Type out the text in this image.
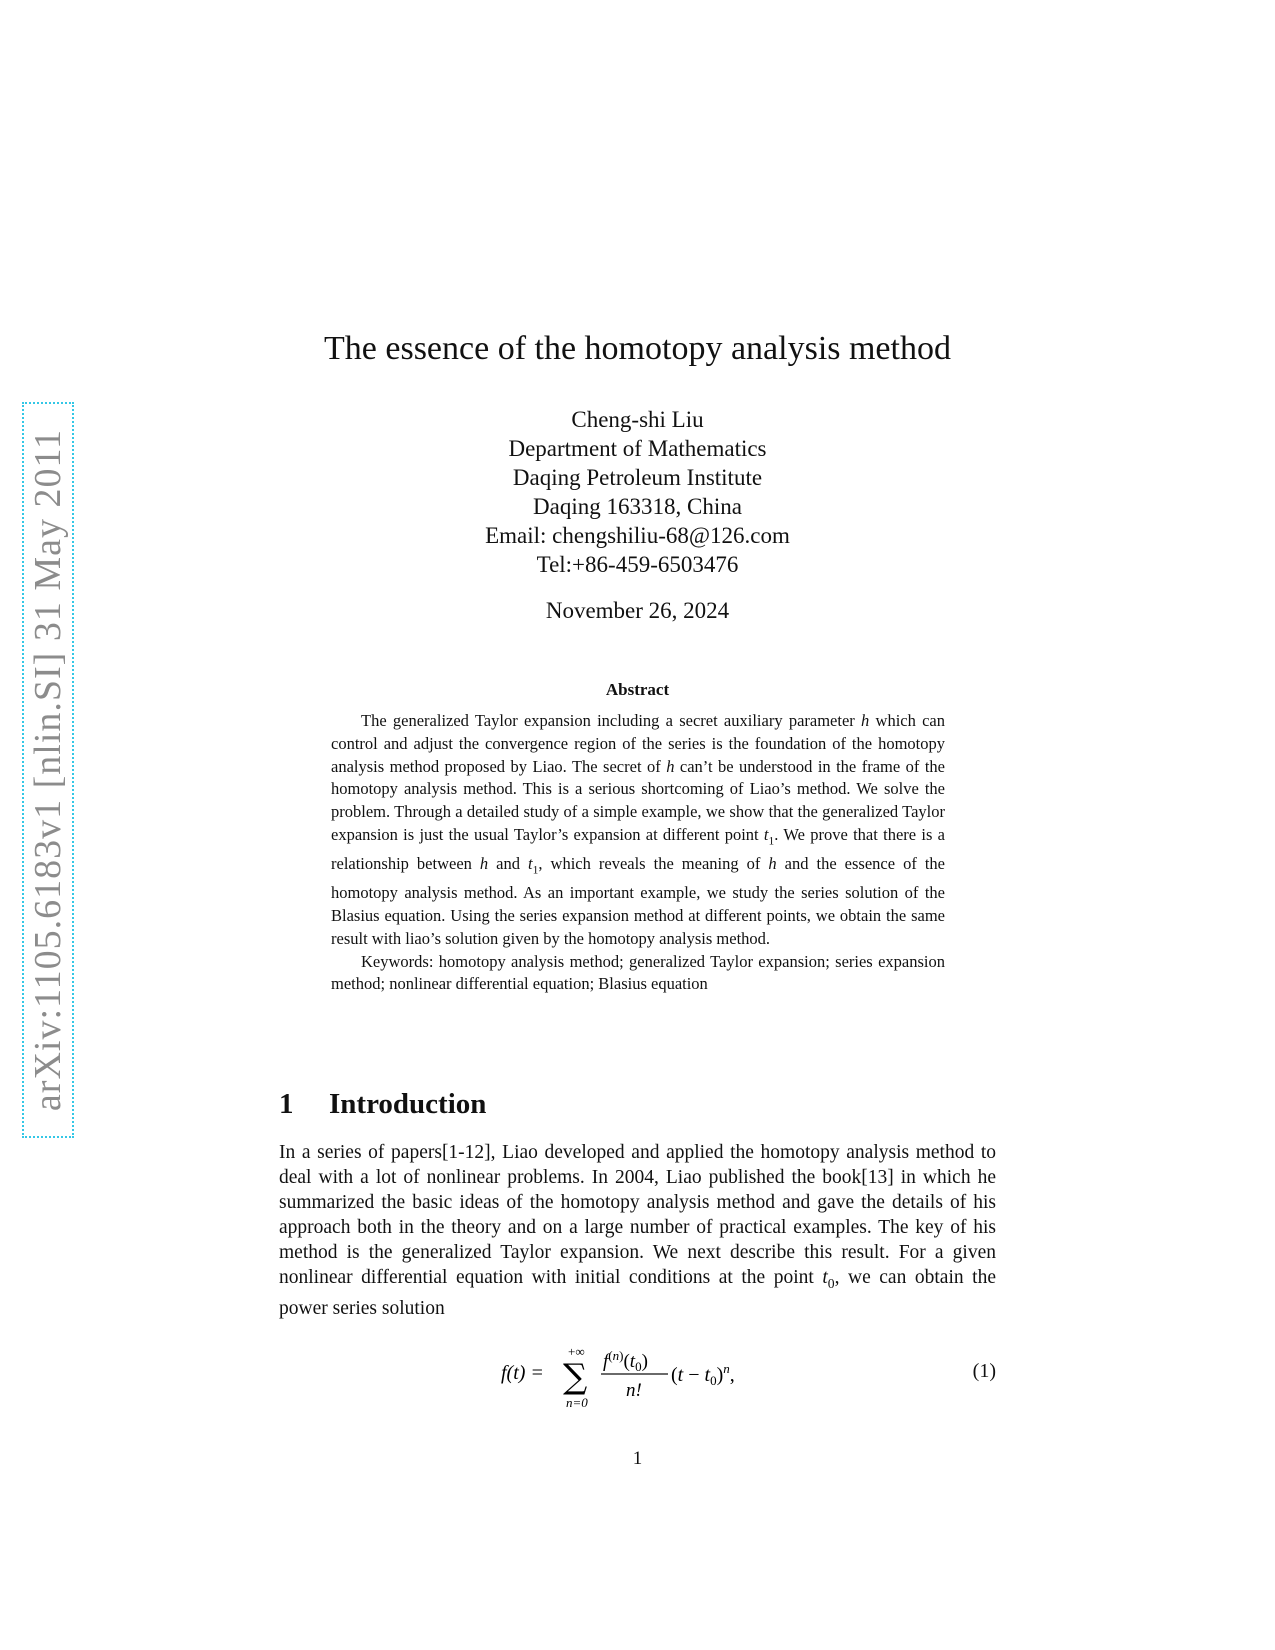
arXiv:1105.6183v1 [nlin.SI] 31 May 2011
The essence of the homotopy analysis method
Cheng-shi Liu
Department of Mathematics
Daqing Petroleum Institute
Daqing 163318, China
Email: chengshiliu-68@126.com
Tel:+86-459-6503476
November 26, 2024
Abstract

The generalized Taylor expansion including a secret auxiliary parameter h which can control and adjust the convergence region of the series is the foundation of the homotopy analysis method proposed by Liao. The secret of h can’t be understood in the frame of the homotopy analysis method. This is a serious shortcoming of Liao’s method. We solve the problem. Through a detailed study of a simple example, we show that the generalized Taylor expansion is just the usual Taylor’s expansion at different point $t_1$. We prove that there is a relationship between h and $t_1$, which reveals the meaning of h and the essence of the homotopy analysis method. As an important example, we study the series solution of the Blasius equation. Using the series expansion method at different points, we obtain the same result with liao’s solution given by the homotopy analysis method.

Keywords: homotopy analysis method; generalized Taylor expansion; series expansion method; nonlinear differential equation; Blasius equation

1 Introduction

In a series of papers[1-12], Liao developed and applied the homotopy analysis method to deal with a lot of nonlinear problems. In 2004, Liao published the book[13] in which he summarized the basic ideas of the homotopy analysis method and gave the details of his approach both in the theory and on a large number of practical examples. The key of his method is the generalized Taylor expansion. We next describe this result. For a given nonlinear differential equation with initial conditions at the point $t_0$, we can obtain the power series solution

f(t) =
+∞
∑
n=0
$f^(n)(t_0)$
n!
$(t - t_0)^n$,	(1)
1
